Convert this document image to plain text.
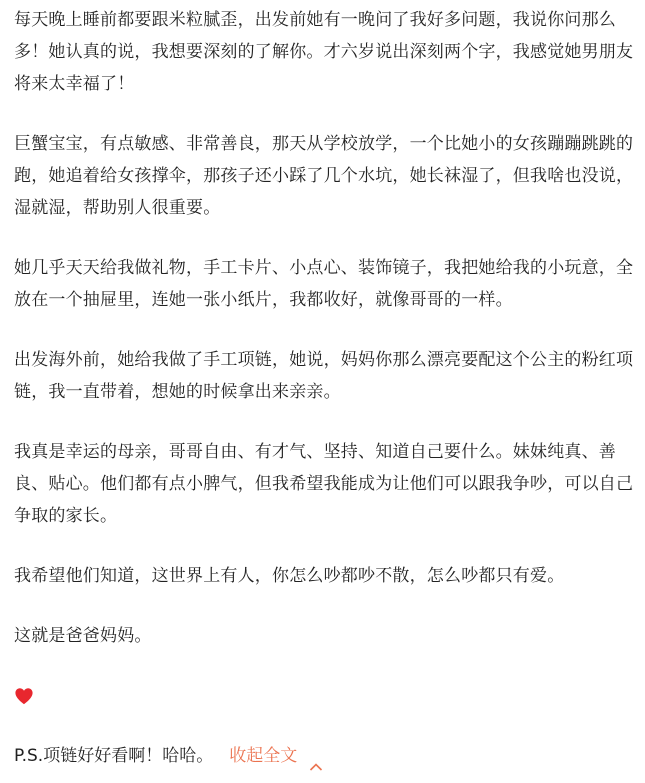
每天晚上睡前都要跟米粒腻歪，出发前她有一晚问了我好多问题，我说你问那么多！她认真的说，我想要深刻的了解你。才六岁说出深刻两个字，我感觉她男朋友将来太幸福了！

巨蟹宝宝，有点敏感、非常善良，那天从学校放学，一个比她小的女孩蹦蹦跳跳的跑，她追着给女孩撑伞，那孩子还小踩了几个水坑，她长袜湿了，但我啥也没说，湿就湿，帮助别人很重要。

她几乎天天给我做礼物，手工卡片、小点心、装饰镜子，我把她给我的小玩意，全放在一个抽屉里，连她一张小纸片，我都收好，就像哥哥的一样。

出发海外前，她给我做了手工项链，她说，妈妈你那么漂亮要配这个公主的粉红项链，我一直带着，想她的时候拿出来亲亲。

我真是幸运的母亲，哥哥自由、有才气、坚持、知道自己要什么。妹妹纯真、善良、贴心。他们都有点小脾气，但我希望我能成为让他们可以跟我争吵，可以自己争取的家长。

我希望他们知道，这世界上有人，你怎么吵都吵不散，怎么吵都只有爱。

这就是爸爸妈妈。

P.S.项链好好看啊！哈哈。 收起全文
